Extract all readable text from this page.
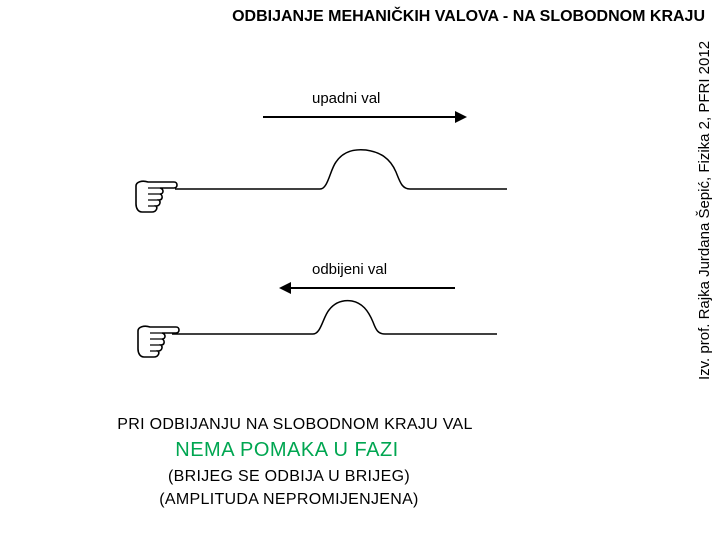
ODBIJANJE MEHANIČKIH VALOVA - NA SLOBODNOM KRAJU
Izv. prof. Rajka Jurdana Šepić, Fizika 2, PFRI 2012
upadni val
odbijeni val
PRI ODBIJANJU NA SLOBODNOM KRAJU VAL
NEMA POMAKA U FAZI
(BRIJEG SE ODBIJA U BRIJEG)
(AMPLITUDA NEPROMIJENJENA)
